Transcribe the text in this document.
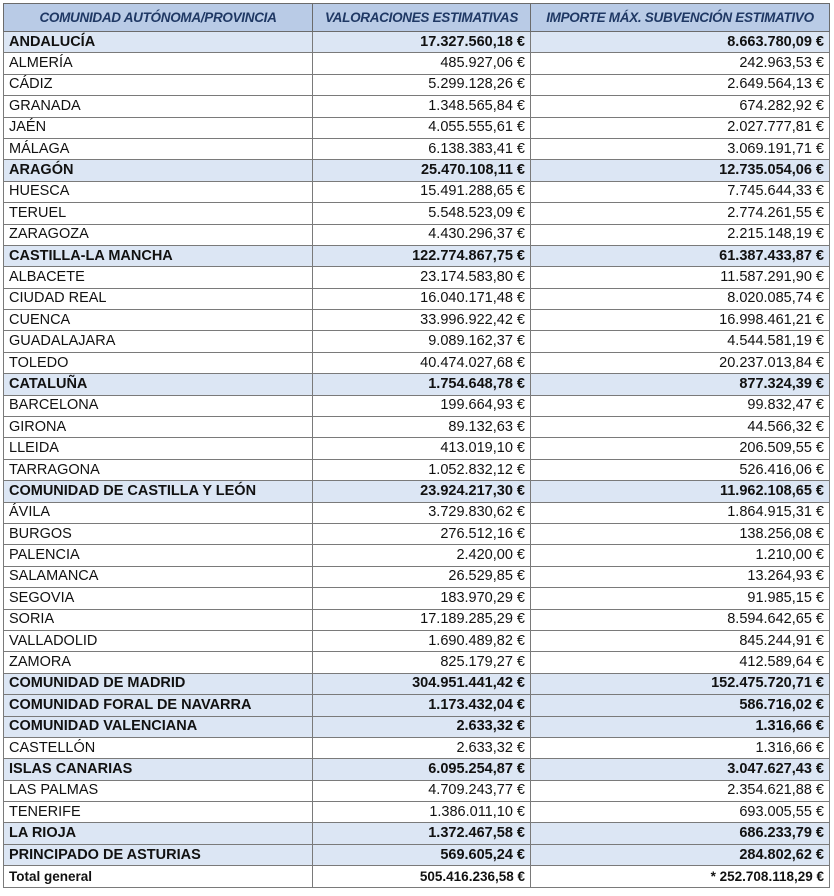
COMUNIDAD AUTÓNOMA/PROVINCIA	VALORACIONES ESTIMATIVAS	IMPORTE MÁX. SUBVENCIÓN ESTIMATIVO
ANDALUCÍA	17.327.560,18 €	8.663.780,09 €
ALMERÍA	485.927,06 €	242.963,53 €
CÁDIZ	5.299.128,26 €	2.649.564,13 €
GRANADA	1.348.565,84 €	674.282,92 €
JAÉN	4.055.555,61 €	2.027.777,81 €
MÁLAGA	6.138.383,41 €	3.069.191,71 €
ARAGÓN	25.470.108,11 €	12.735.054,06 €
HUESCA	15.491.288,65 €	7.745.644,33 €
TERUEL	5.548.523,09 €	2.774.261,55 €
ZARAGOZA	4.430.296,37 €	2.215.148,19 €
CASTILLA-LA MANCHA	122.774.867,75 €	61.387.433,87 €
ALBACETE	23.174.583,80 €	11.587.291,90 €
CIUDAD REAL	16.040.171,48 €	8.020.085,74 €
CUENCA	33.996.922,42 €	16.998.461,21 €
GUADALAJARA	9.089.162,37 €	4.544.581,19 €
TOLEDO	40.474.027,68 €	20.237.013,84 €
CATALUÑA	1.754.648,78 €	877.324,39 €
BARCELONA	199.664,93 €	99.832,47 €
GIRONA	89.132,63 €	44.566,32 €
LLEIDA	413.019,10 €	206.509,55 €
TARRAGONA	1.052.832,12 €	526.416,06 €
COMUNIDAD DE CASTILLA Y LEÓN	23.924.217,30 €	11.962.108,65 €
ÁVILA	3.729.830,62 €	1.864.915,31 €
BURGOS	276.512,16 €	138.256,08 €
PALENCIA	2.420,00 €	1.210,00 €
SALAMANCA	26.529,85 €	13.264,93 €
SEGOVIA	183.970,29 €	91.985,15 €
SORIA	17.189.285,29 €	8.594.642,65 €
VALLADOLID	1.690.489,82 €	845.244,91 €
ZAMORA	825.179,27 €	412.589,64 €
COMUNIDAD DE MADRID	304.951.441,42 €	152.475.720,71 €
COMUNIDAD FORAL DE NAVARRA	1.173.432,04 €	586.716,02 €
COMUNIDAD VALENCIANA	2.633,32 €	1.316,66 €
CASTELLÓN	2.633,32 €	1.316,66 €
ISLAS CANARIAS	6.095.254,87 €	3.047.627,43 €
LAS PALMAS	4.709.243,77 €	2.354.621,88 €
TENERIFE	1.386.011,10 €	693.005,55 €
LA RIOJA	1.372.467,58 €	686.233,79 €
PRINCIPADO DE ASTURIAS	569.605,24 €	284.802,62 €
Total general	505.416.236,58 €	* 252.708.118,29 €
